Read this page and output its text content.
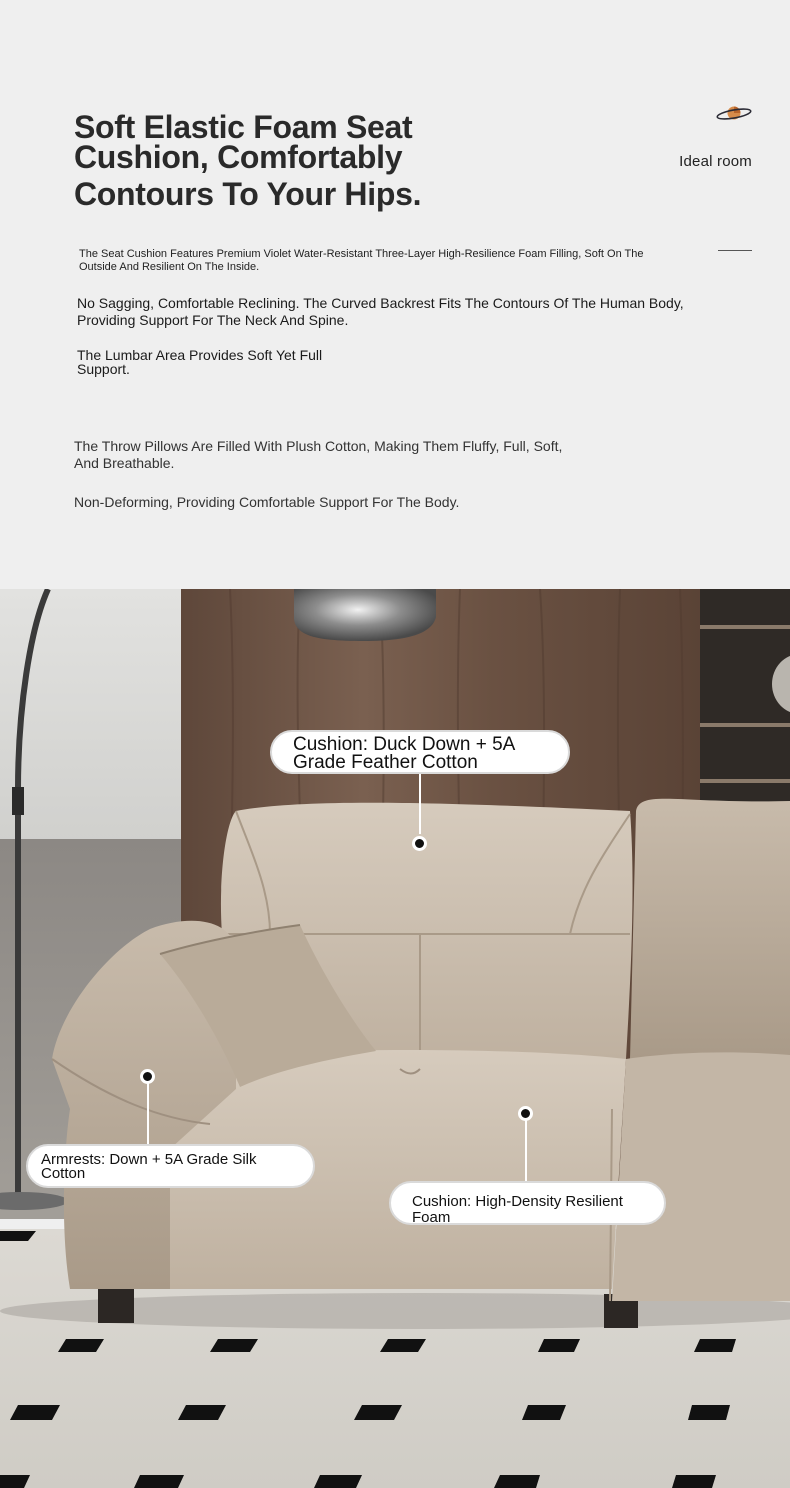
Soft Elastic Foam Seat
Cushion, Comfortably
Contours To Your Hips.
Ideal room

The Seat Cushion Features Premium Violet Water-Resistant Three-Layer High-Resilience Foam Filling, Soft On The Outside And Resilient On The Inside.

No Sagging, Comfortable Reclining. The Curved Backrest Fits The Contours Of The Human Body, Providing Support For The Neck And Spine.

The Lumbar Area Provides Soft Yet Full Support.

The Throw Pillows Are Filled With Plush Cotton, Making Them Fluffy, Full, Soft, And Breathable.

Non-Deforming, Providing Comfortable Support For The Body.

Cushion: Duck Down + 5A Grade Feather Cotton
Armrests: Down + 5A Grade Silk Cotton
Cushion: High-Density Resilient Foam
